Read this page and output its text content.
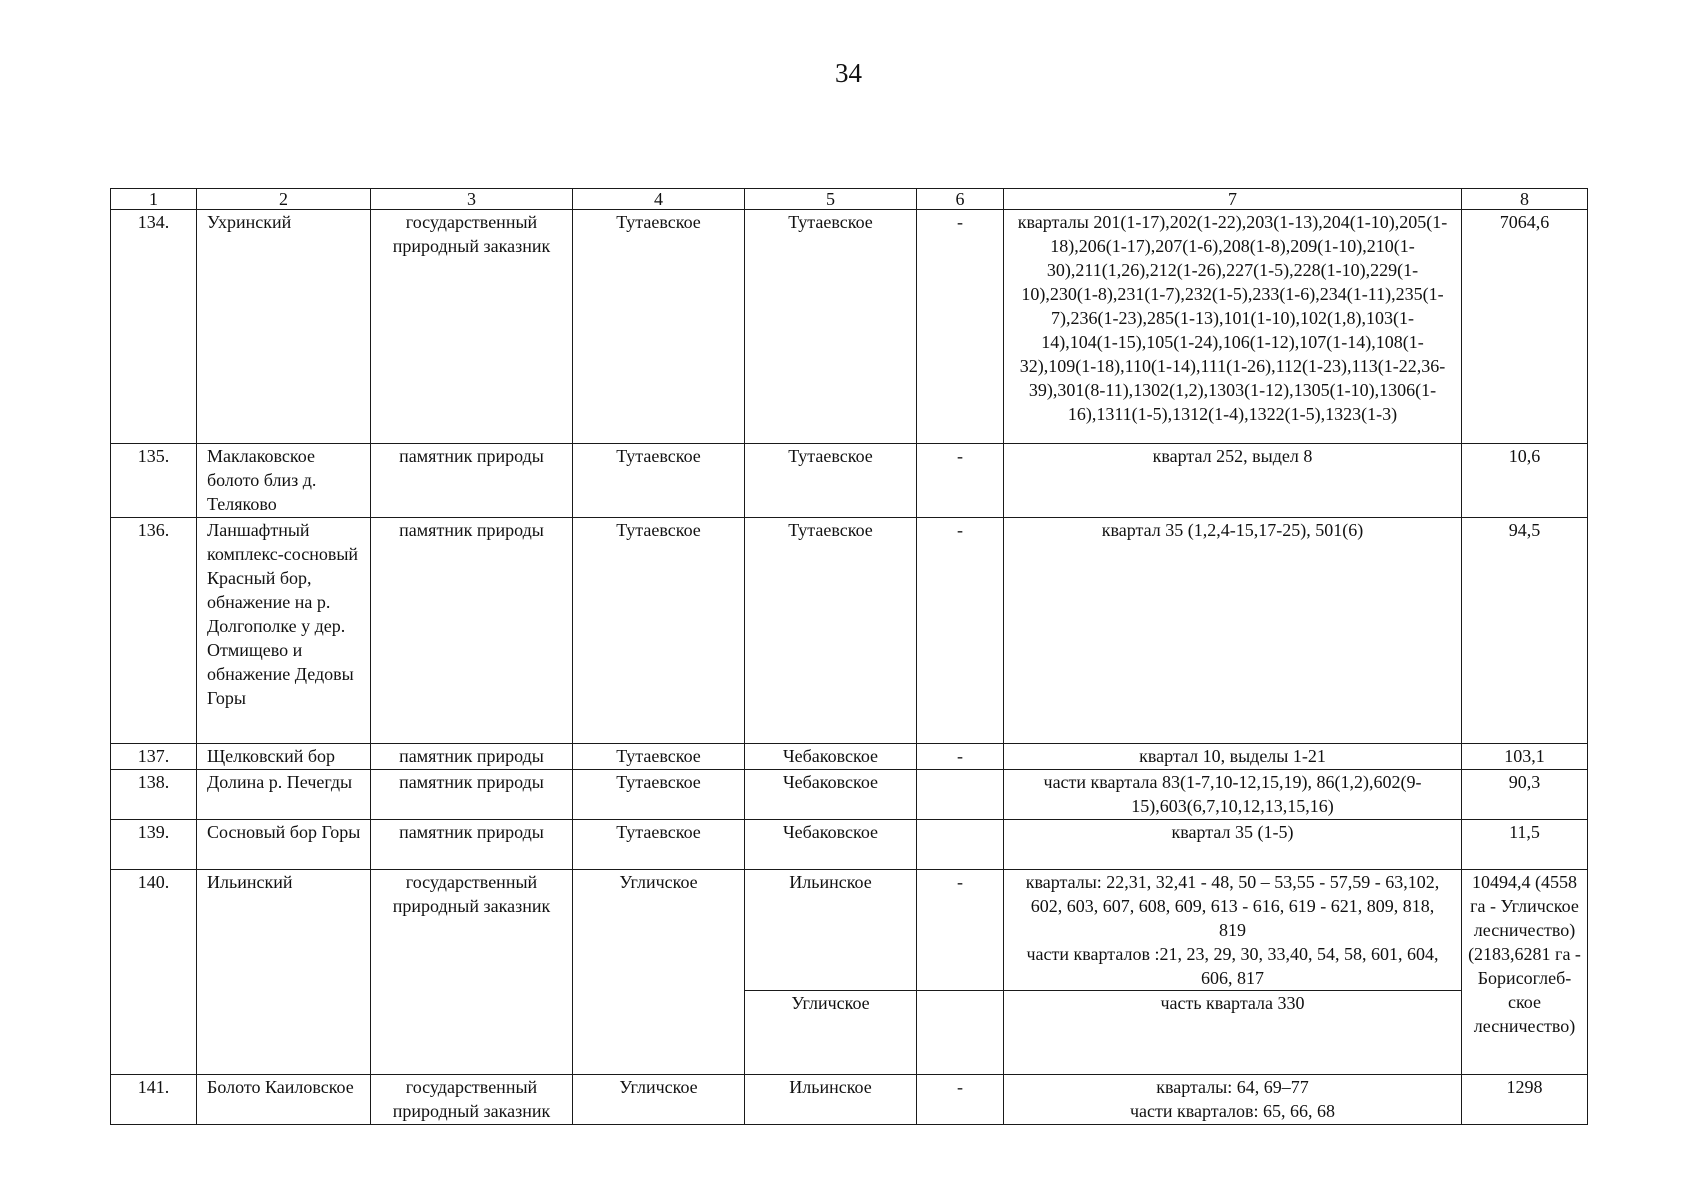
34
1	2	3	4	5	6	7	8
134.	Ухринский	государственный природный заказник	Тутаевское	Тутаевское	-	кварталы 201(1-17),202(1-22),203(1-13),204(1-10),205(1-18),206(1-17),207(1-6),208(1-8),209(1-10),210(1-30),211(1,26),212(1-26),227(1-5),228(1-10),229(1-10),230(1-8),231(1-7),232(1-5),233(1-6),234(1-11),235(1-7),236(1-23),285(1-13),101(1-10),102(1,8),103(1-14),104(1-15),105(1-24),106(1-12),107(1-14),108(1-32),109(1-18),110(1-14),111(1-26),112(1-23),113(1-22,36-39),301(8-11),1302(1,2),1303(1-12),1305(1-10),1306(1-16),1311(1-5),1312(1-4),1322(1-5),1323(1-3)	7064,6
135.	Маклаковское болото близ д. Теляково	памятник природы	Тутаевское	Тутаевское	-	квартал 252, выдел 8	10,6
136.	Ланшафтный комплекс-сосновый Красный бор, обнажение на р. Долгополке у дер. Отмищево и обнажение Дедовы Горы	памятник природы	Тутаевское	Тутаевское	-	квартал 35 (1,2,4-15,17-25), 501(6)	94,5
137.	Щелковский бор	памятник природы	Тутаевское	Чебаковское	-	квартал 10, выделы 1-21	103,1
138.	Долина р. Печегды	памятник природы	Тутаевское	Чебаковское		части квартала 83(1-7,10-12,15,19), 86(1,2),602(9-15),603(6,7,10,12,13,15,16)	90,3
139.	Сосновый бор Горы	памятник природы	Тутаевское	Чебаковское		квартал 35 (1-5)	11,5
140.	Ильинский	государственный природный заказник	Угличское	Ильинское	-	кварталы: 22,31, 32,41 - 48, 50 – 53,55 - 57,59 - 63,102, 602, 603, 607, 608, 609, 613 - 616, 619 - 621, 809, 818, 819
части кварталов :21, 23, 29, 30, 33,40, 54, 58, 601, 604, 606, 817	10494,4 (4558 га - Угличское лесничество) (2183,6281 га - Борисоглеб-ское лесничество)
				Угличское		часть квартала 330	
141.	Болото Каиловское	государственный природный заказник	Угличское	Ильинское	-	кварталы: 64, 69–77
части кварталов: 65, 66, 68	1298
